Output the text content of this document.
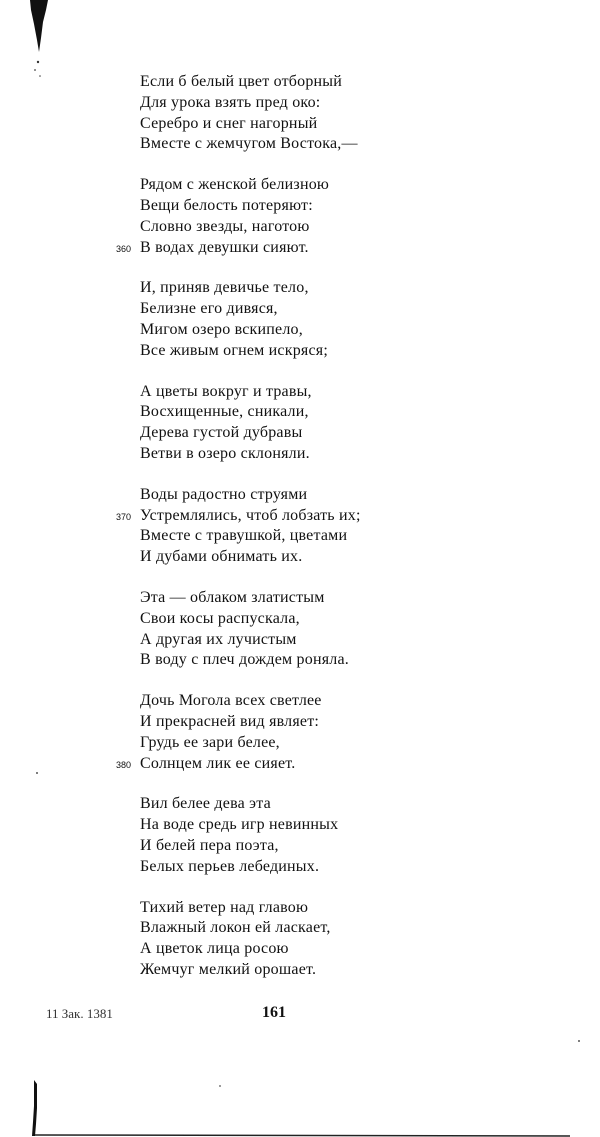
Если б белый цвет отборный
Для урока взять пред око:
Серебро и снег нагорный
Вместе с жемчугом Востока,—
Рядом с женской белизною
Вещи белость потеряют:
Словно звезды, наготою
360 В водах девушки сияют.
И, приняв девичье тело,
Белизне его дивяся,
Мигом озеро вскипело,
Все живым огнем искряся;
А цветы вокруг и травы,
Восхищенные, сникали,
Дерева густой дубравы
Ветви в озеро склоняли.
Воды радостно струями
370 Устремлялись, чтоб лобзать их;
Вместе с травушкой, цветами
И дубами обнимать их.
Эта — облаком златистым
Свои косы распускала,
А другая их лучистым
В воду с плеч дождем роняла.
Дочь Могола всех светлее
И прекрасней вид являет:
Грудь ее зари белее,
380 Солнцем лик ее сияет.
Вил белее дева эта
На воде средь игр невинных
И белей пера поэта,
Белых перьев лебединых.
Тихий ветер над главою
Влажный локон ей ласкает,
А цветок лица росою
Жемчуг мелкий орошает.
11 Зак. 1381	161
